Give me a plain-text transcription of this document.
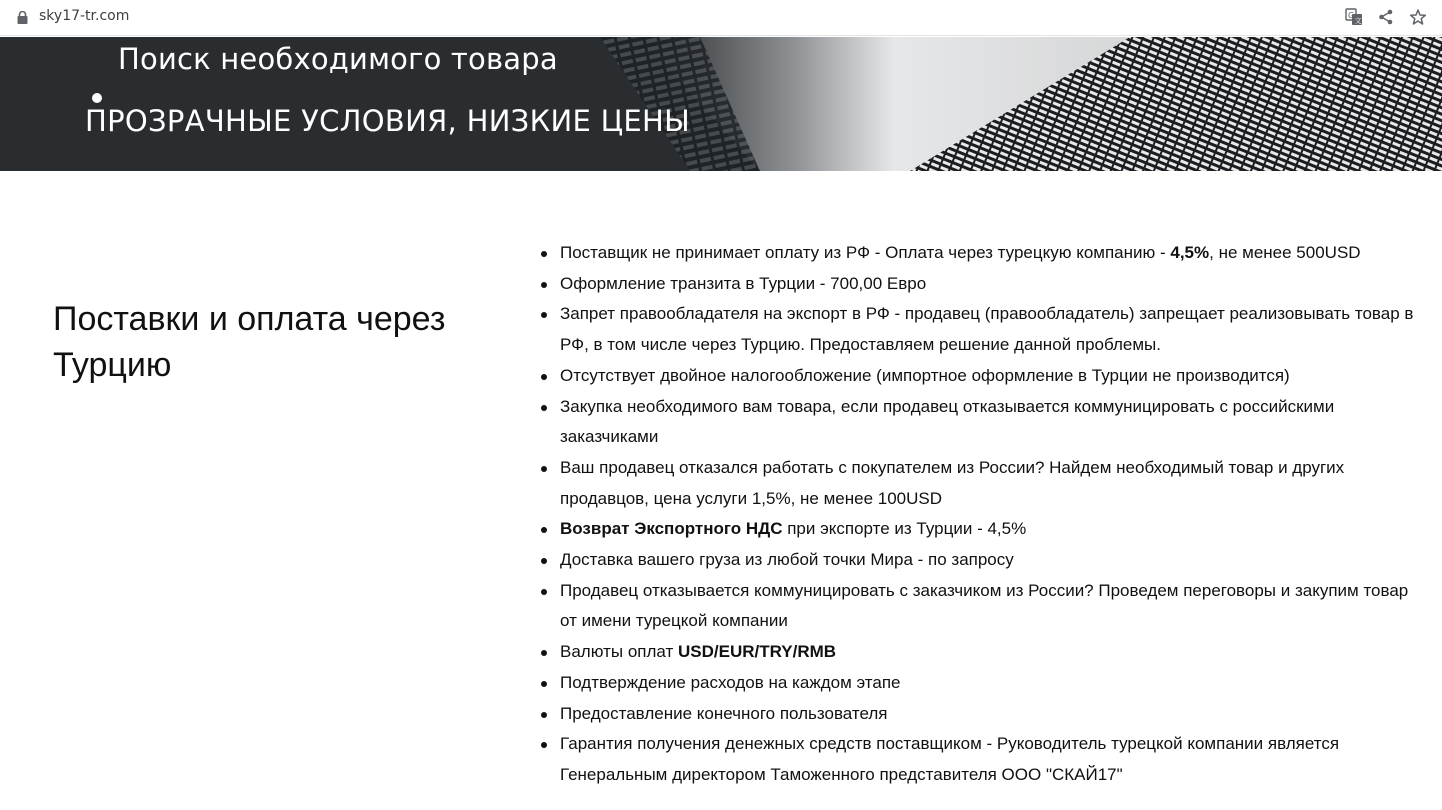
sky17-tr.com	G
文
Поиск необходимого товара
ПРОЗРАЧНЫЕ УСЛОВИЯ, НИЗКИЕ ЦЕНЫ
Поставки и оплата через Турцию
Поставщик не принимает оплату из РФ - Оплата через турецкую компанию - 4,5%, не менее 500USD
Оформление транзита в Турции - 700,00 Евро
Запрет правообладателя на экспорт в РФ - продавец (правообладатель) запрещает реализовывать товар в РФ, в том числе через Турцию. Предоставляем решение данной проблемы.
Отсутствует двойное налогообложение (импортное оформление в Турции не производится)
Закупка необходимого вам товара, если продавец отказывается коммуницировать с российскими заказчиками
Ваш продавец отказался работать с покупателем из России? Найдем необходимый товар и других продавцов, цена услуги 1,5%, не менее 100USD
Возврат Экспортного НДС при экспорте из Турции - 4,5%
Доставка вашего груза из любой точки Мира - по запросу
Продавец отказывается коммуницировать с заказчиком из России? Проведем переговоры и закупим товар от имени турецкой компании
Валюты оплат USD/EUR/TRY/RMB
Подтверждение расходов на каждом этапе
Предоставление конечного пользователя
Гарантия получения денежных средств поставщиком - Руководитель турецкой компании является Генеральным директором Таможенного представителя ООО "СКАЙ17"
